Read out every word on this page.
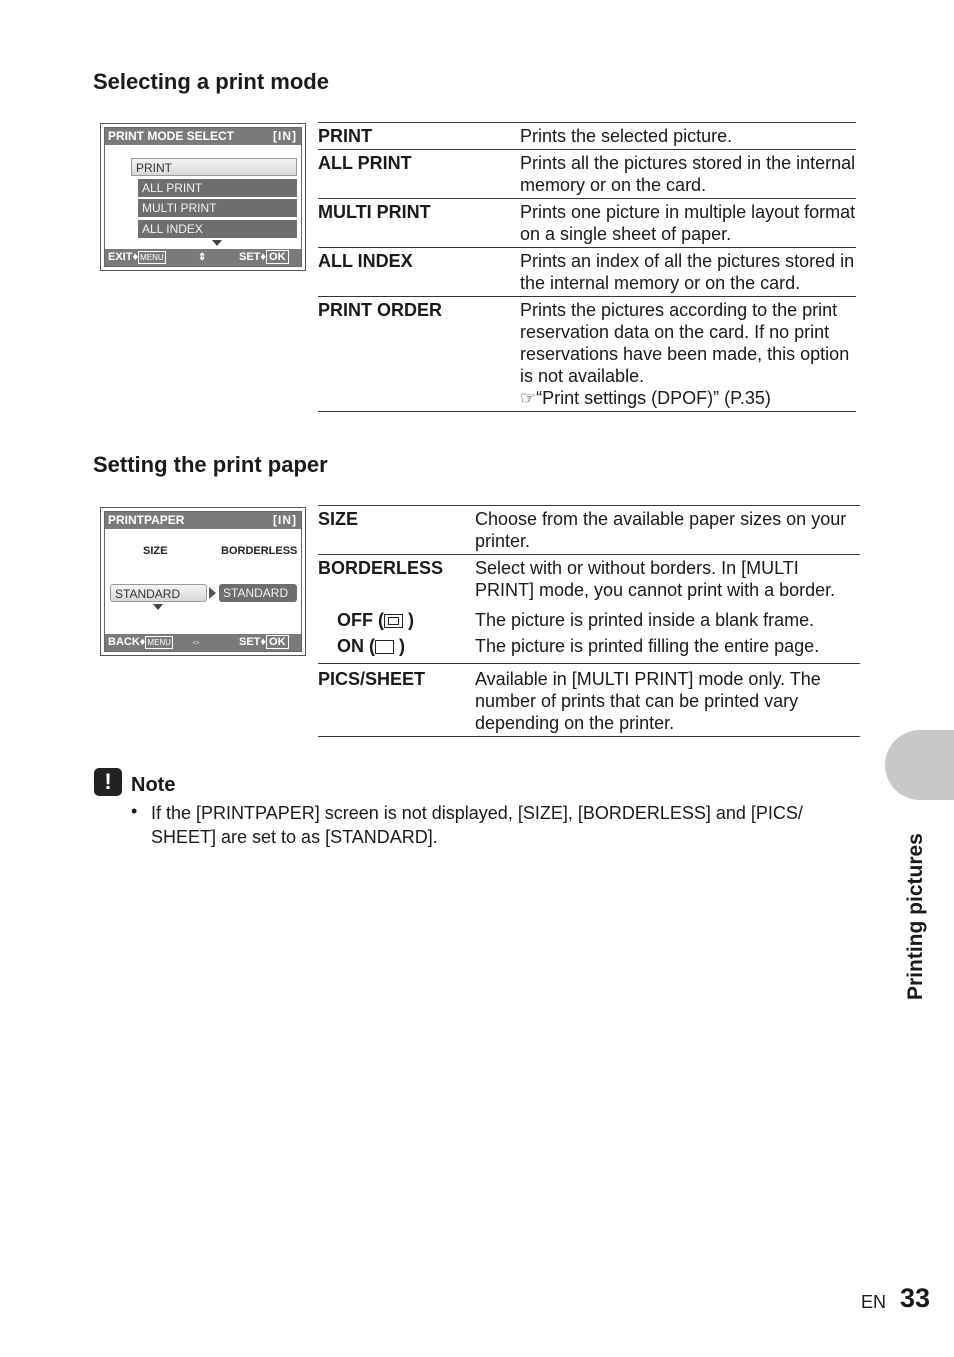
Selecting a print mode
PRINT MODE SELECT	[IN]
PRINT
ALL PRINT
MULTI PRINT
ALL INDEX
EXIT♦ MENU	⇕	SET♦ OK
PRINT	Prints the selected picture.
ALL PRINT	Prints all the pictures stored in the internal memory or on the card.
MULTI PRINT	Prints one picture in multiple layout format on a single sheet of paper.
ALL INDEX	Prints an index of all the pictures stored in the internal memory or on the card.
PRINT ORDER	Prints the pictures according to the print reservation data on the card. If no print reservations have been made, this option is not available.
☞“Print settings (DPOF)” (P.35)
Setting the print paper
PRINTPAPER	[IN]
SIZE	BORDERLESS
STANDARD	STANDARD
BACK♦ MENU ⇔	SET♦ OK
SIZE	Choose from the available paper sizes on your printer.
BORDERLESS	Select with or without borders. In [MULTI PRINT] mode, you cannot print with a border.
OFF ( )	The picture is printed inside a blank frame.
ON ( )	The picture is printed filling the entire page.
PICS/SHEET	Available in [MULTI PRINT] mode only. The number of prints that can be printed vary depending on the printer.
! Note
• If the [PRINTPAPER] screen is not displayed, [SIZE], [BORDERLESS] and [PICS/ SHEET] are set to as [STANDARD].	Printing pictures
EN 33
